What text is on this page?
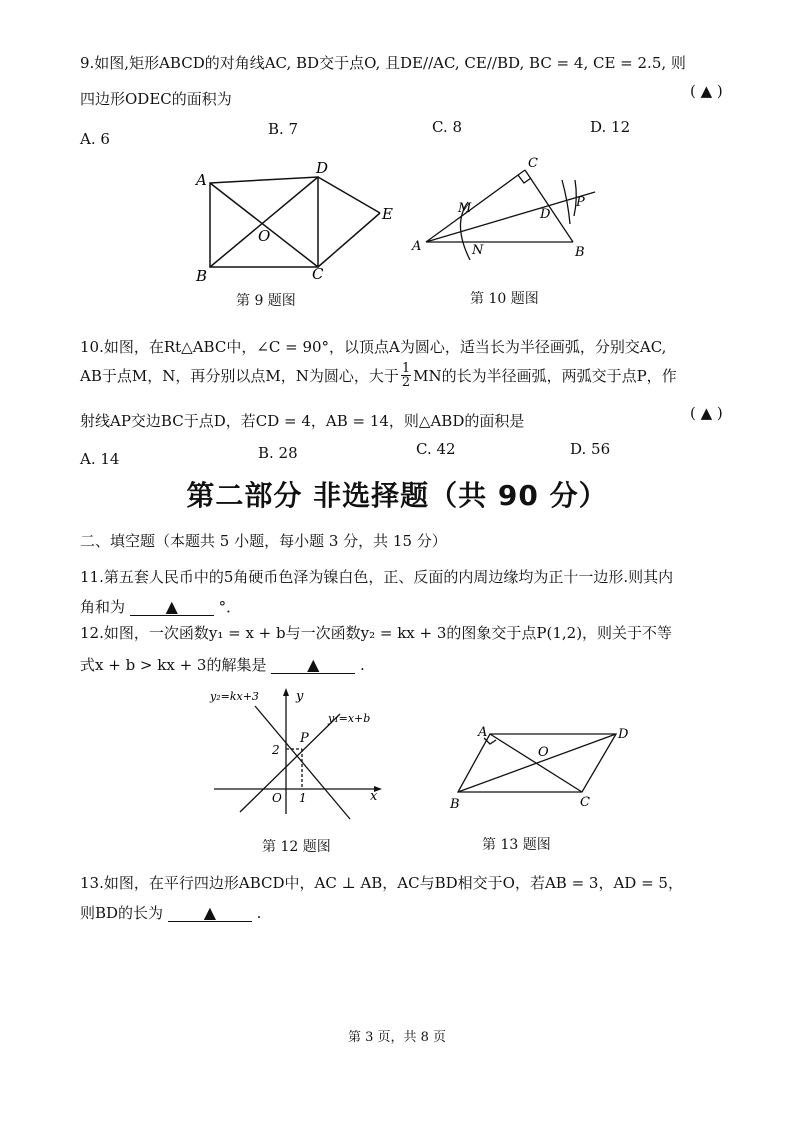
9.如图,矩形ABCD的对角线AC, BD交于点O, 且DE//AC, CE//BD, BC = 4, CE = 2.5, 则
四边形ODEC的面积为	( ▲ )
A. 6
B. 7	C. 8	D. 12
A
D
E
O
B	C
第 9 题图
C
M	D
P
A	N	B
第 10 题图
10.如图，在Rt△ABC中，∠C = 90°，以顶点A为圆心，适当长为半径画弧，分别交AC,
AB于点M，N，再分别以点M，N为圆心，大于 $\frac{1}{2}$ MN的长为半径画弧，两弧交于点P，作
射线AP交边BC于点D，若CD = 4，AB = 14，则△ABD的面积是	( ▲ )
A. 14	B. 28	C. 42	D. 56
第二部分 非选择题（共 90 分）
二、填空题（本题共 5 小题，每小题 3 分，共 15 分）
11.第五套人民币中的5角硬币色泽为镍白色，正、反面的内周边缘均为正十一边形.则其内
角和为	▲	°．
12.如图，一次函数y₁ = x + b与一次函数y₂ = kx + 3的图象交于点P(1,2)，则关于不等
式x + b > kx + 3的解集是	▲	.
y₂=kx+3	y
y₁=x+b
P
2
O 1	x
第 12 题图
A	D
O
B	C
第 13 题图
13.如图，在平行四边形ABCD中，AC ⊥ AB，AC与BD相交于O，若AB = 3，AD = 5，
则BD的长为	▲	.
第 3 页，共 8 页
